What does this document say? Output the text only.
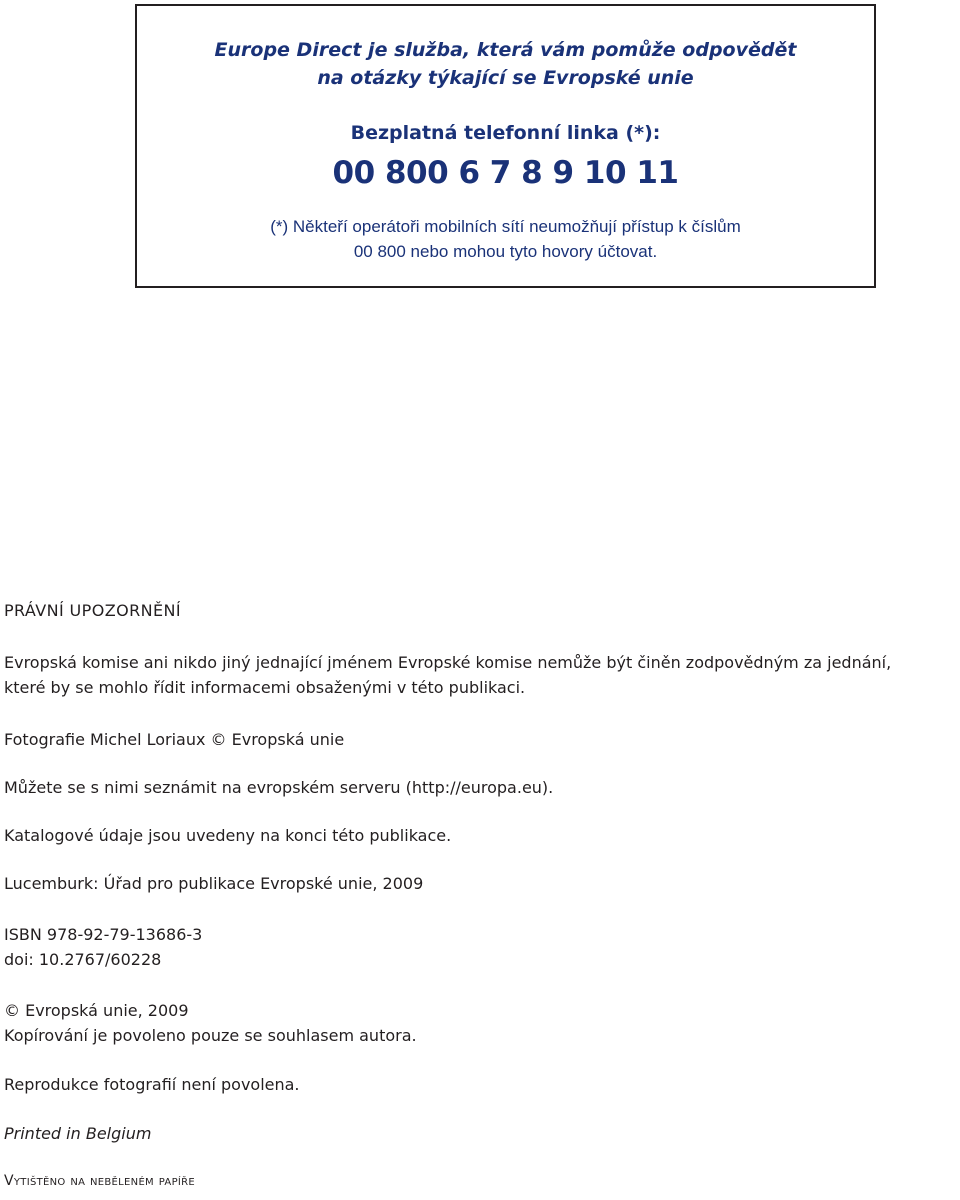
Europe Direct je služba, která vám pomůže odpovědět
na otázky týkající se Evropské unie
Bezplatná telefonní linka (*):
00 800 6 7 8 9 10 11
(*) Někteří operátoři mobilních sítí neumožňují přístup k číslům
00 800 nebo mohou tyto hovory účtovat.

PRÁVNÍ UPOZORNĚNÍ

Evropská komise ani nikdo jiný jednající jménem Evropské komise nemůže být činěn zodpovědným za jednání,

které by se mohlo řídit informacemi obsaženými v této publikaci.

Fotografie Michel Loriaux © Evropská unie

Můžete se s nimi seznámit na evropském serveru (http://europa.eu).

Katalogové údaje jsou uvedeny na konci této publikace.

Lucemburk: Úřad pro publikace Evropské unie, 2009

ISBN 978-92-79-13686-3

doi: 10.2767/60228

© Evropská unie, 2009

Kopírování je povoleno pouze se souhlasem autora.

Reprodukce fotografií není povolena.

Printed in Belgium

Vytištěno na neběleném papíře
